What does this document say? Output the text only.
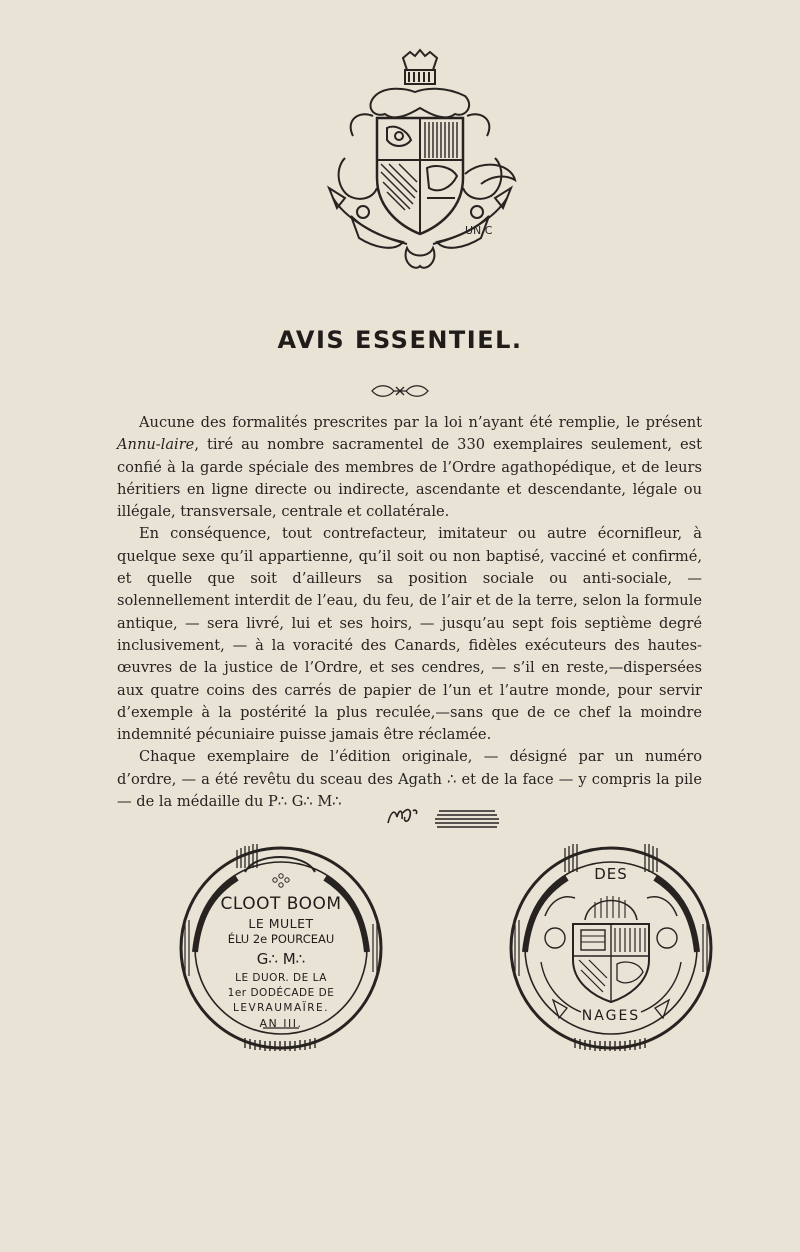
UN C
AVIS ESSENTIEL.

Aucune des formalités prescrites par la loi n’ayant été remplie, le présent Annu-laire, tiré au nombre sacramentel de 330 exemplaires seulement, est confié à la garde spéciale des membres de l’Ordre agathopédique, et de leurs héritiers en ligne directe ou indirecte, ascendante et descendante, légale ou illégale, transversale, centrale et collatérale.

En conséquence, tout contrefacteur, imitateur ou autre écornifleur, à quelque sexe qu’il appartienne, qu’il soit ou non baptisé, vacciné et confirmé, et quelle que soit d’ailleurs sa position sociale ou anti-sociale, — solennellement interdit de l’eau, du feu, de l’air et de la terre, selon la formule antique, — sera livré, lui et ses hoirs, — jusqu’au sept fois septième degré inclusivement, — à la voracité des Canards, fidèles exécuteurs des hautes-œuvres de la justice de l’Ordre, et ses cendres, — s’il en reste,—dispersées aux quatre coins des carrés de papier de l’un et l’autre monde, pour servir d’exemple à la postérité la plus reculée,—sans que de ce chef la moindre indemnité pécuniaire puisse jamais être réclamée.

Chaque exemplaire de l’édition originale, — désigné par un numéro d’ordre, — a été revêtu du sceau des Agath ∴ et de la face — y compris la pile — de la médaille du P∴ G∴ M∴

CLOOT BOOM
LE MULET
ÉLU 2e POURCEAU
G∴ M∴
LE DUOR. DE LA
1er DODÉCADE DE
LEVRAUMAÏRE.
AN III.
DES
NAGES
